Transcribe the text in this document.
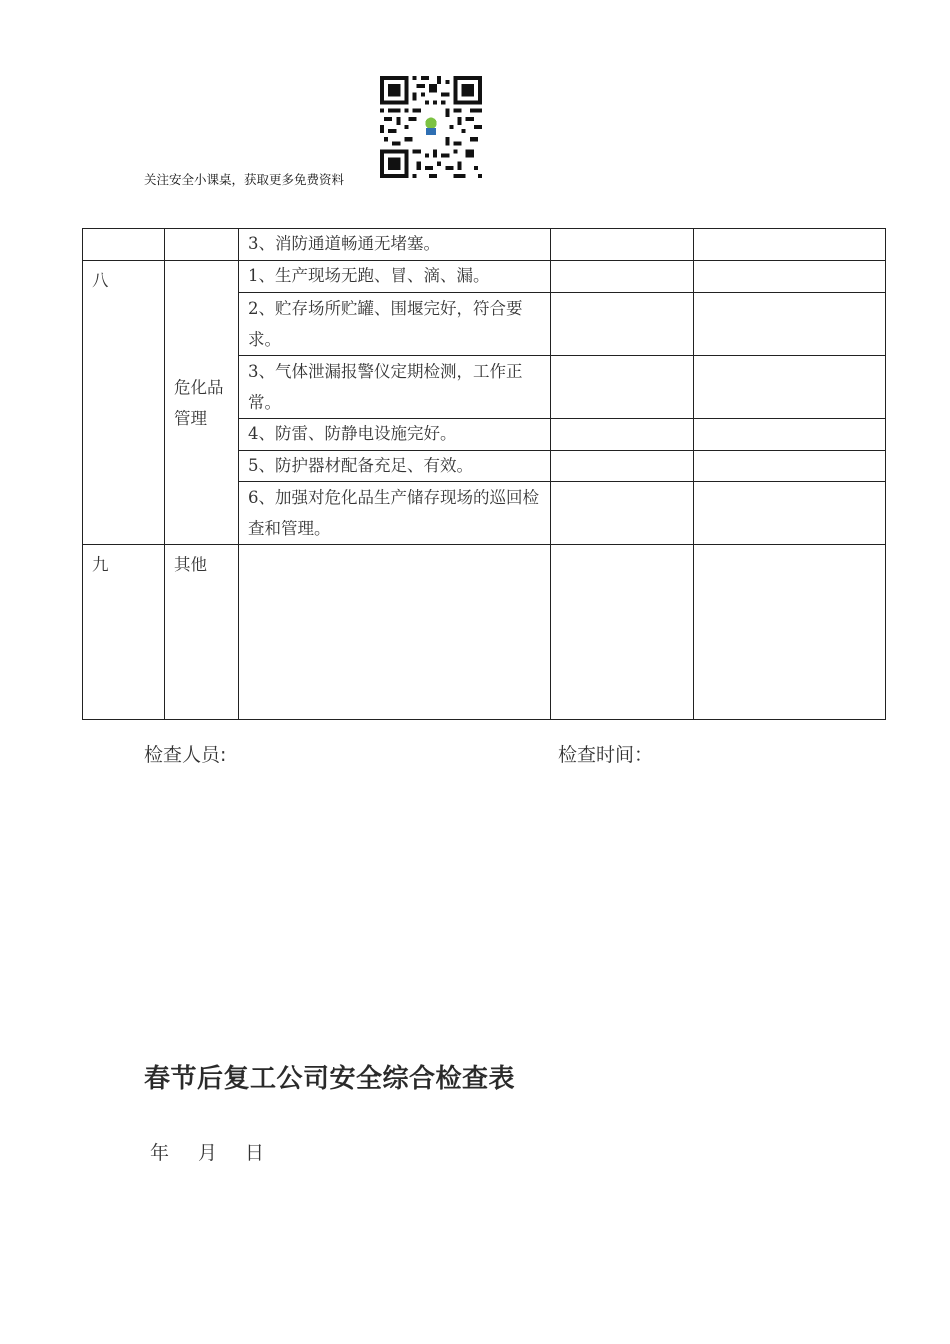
关注安全小课桌，获取更多免费资料
		3、消防通道畅通无堵塞。		
八	危化品管理	1、生产现场无跑、冒、滴、漏。		
		2、贮存场所贮罐、围堰完好，符合要求。		
		3、气体泄漏报警仪定期检测，工作正常。		
		4、防雷、防静电设施完好。		
		5、防护器材配备充足、有效。		
		6、加强对危化品生产储存现场的巡回检查和管理。		
九	其他			
检查人员:	检查时间：
春节后复工公司安全综合检查表
年 月 日
